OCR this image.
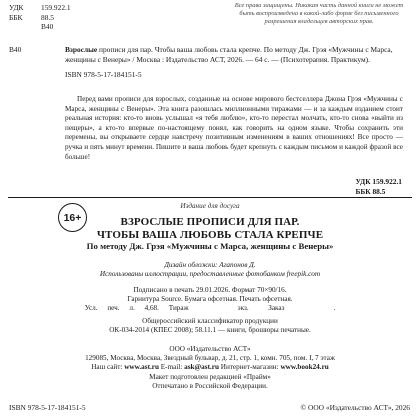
УДК	159.922.1
ББК	88.5
В40
Все права защищены. Никакая часть данной книги не может быть воспроизведена в какой-либо форме без письменного разрешения владельцев авторских прав.
В40	Взрослые прописи для пар. Чтобы ваша любовь стала крепче. По методу Дж. Грэя «Мужчины с Марса, женщины с Венеры» / Москва : Издательство АСТ, 2026. — 64 с. — (Психотерапия. Практикум).
ISBN 978-5-17-184151-5
Перед вами прописи для взрослых, созданные на основе мирового бестселлера Джона Грэя «Мужчины с Марса, женщины с Венеры». Эта книга разошлась миллионными тиражами — и за каждым изданием стоит реальная история: кто-то вновь услышал «я тебя люблю», кто-то перестал молчать, кто-то снова «выйти из пещеры», а кто-то впервые по-настоящему понял, как говорить на одном языке. Чтобы сохранить эти перемены, вы открываете сердце навстречу позитивным изменениям в ваших отношениях! Все просто — ручка и пять минут времени. Пишите и ваша любовь будет крепнуть с каждым письмом и каждой фразой все больше!
УДК 159.922.1
ББК 88.5
Издание для досуга
16+	ВЗРОСЛЫЕ ПРОПИСИ ДЛЯ ПАР.
ЧТОБЫ ВАША ЛЮБОВЬ СТАЛА КРЕПЧЕ
По методу Дж. Грэя «Мужчины с Марса, женщины с Венеры»
Дизайн обложки: Агапонов Д.
Использованы иллюстрации, предоставленные фотобанком freepik.com
Подписано в печать 29.01.2026. Формат 70×90/16.
Гарнитура Source. Бумага офсетная. Печать офсетная.
Усл. печ. л. 4,68. Тираж     экз.  Заказ     .
Общероссийский классификатор продукции
ОК-034-2014 (КПЕС 2008); 58.11.1 — книги, брошюры печатные.
ООО «Издательство АСТ»
129085, Москва, Москва, Звездный бульвар, д. 21, стр. 1, комн. 705, пом. I, 7 этаж
Наш сайт: www.ast.ru E-mail: ask@ast.ru Интернет-магазин: www.book24.ru
Макет подготовлен редакцией «Прайм»
Отпечатано в Российской Федерации.
ISBN 978-5-17-184151-5	© ООО «Издательство АСТ», 2026
